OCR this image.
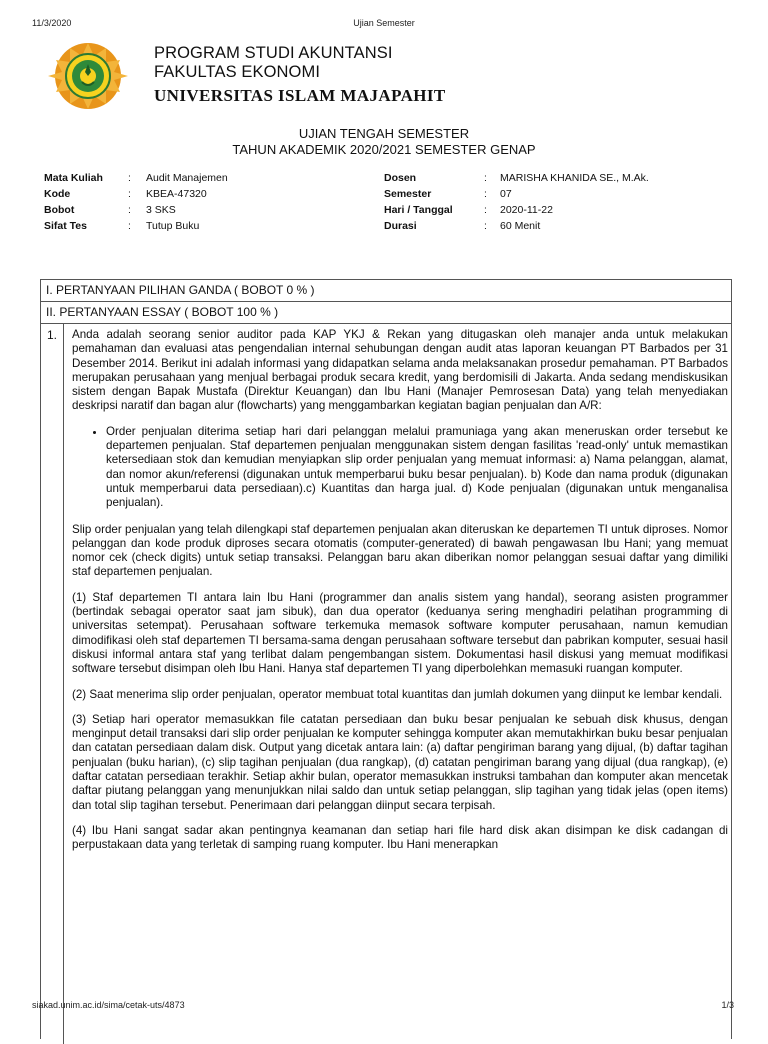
11/3/2020	Ujian Semester
PROGRAM STUDI AKUNTANSI
FAKULTAS EKONOMI
UNIVERSITAS ISLAM MAJAPAHIT
UJIAN TENGAH SEMESTER
TAHUN AKADEMIK 2020/2021 SEMESTER GENAP
Mata Kuliah : Audit Manajemen	Dosen	: MARISHA KHANIDA SE., M.Ak.
Kode	: KBEA-47320	Semester	: 07
Bobot	: 3 SKS	Hari / Tanggal	: 2020-11-22
Sifat Tes	: Tutup Buku	Durasi	: 60 Menit
I. PERTANYAAN PILIHAN GANDA ( BOBOT 0 % )
II. PERTANYAAN ESSAY ( BOBOT 100 % )
1.	Anda adalah seorang senior auditor pada KAP YKJ & Rekan yang ditugaskan oleh manajer anda untuk melakukan pemahaman dan evaluasi atas pengendalian internal sehubungan dengan audit atas laporan keuangan PT Barbados per 31 Desember 2014. Berikut ini adalah informasi yang didapatkan selama anda melaksanakan prosedur pemahaman. PT Barbados merupakan perusahaan yang menjual berbagai produk secara kredit, yang berdomisili di Jakarta. Anda sedang mendiskusikan sistem dengan Bapak Mustafa (Direktur Keuangan) dan Ibu Hani (Manajer Pemrosesan Data) yang telah menyediakan deskripsi naratif dan bagan alur (flowcharts) yang menggambarkan kegiatan bagian penjualan dan A/R:

• Order penjualan diterima setiap hari dari pelanggan melalui pramuniaga yang akan meneruskan order tersebut ke departemen penjualan. Staf departemen penjualan menggunakan sistem dengan fasilitas 'read-only' untuk memastikan ketersediaan stok dan kemudian menyiapkan slip order penjualan yang memuat informasi: a) Nama pelanggan, alamat, dan nomor akun/referensi (digunakan untuk memperbarui buku besar penjualan). b) Kode dan nama produk (digunakan untuk memperbarui data persediaan).c) Kuantitas dan harga jual. d) Kode penjualan (digunakan untuk menganalisa penjualan).

Slip order penjualan yang telah dilengkapi staf departemen penjualan akan diteruskan ke departemen TI untuk diproses. Nomor pelanggan dan kode produk diproses secara otomatis (computer-generated) di bawah pengawasan Ibu Hani; yang memuat nomor cek (check digits) untuk setiap transaksi. Pelanggan baru akan diberikan nomor pelanggan sesuai daftar yang dimiliki staf departemen penjualan.

(1) Staf departemen TI antara lain Ibu Hani (programmer dan analis sistem yang handal), seorang asisten programmer (bertindak sebagai operator saat jam sibuk), dan dua operator (keduanya sering menghadiri pelatihan programming di universitas setempat). Perusahaan software terkemuka memasok software komputer perusahaan, namun kemudian dimodifikasi oleh staf departemen TI bersama-sama dengan perusahaan software tersebut dan pabrikan komputer, sesuai hasil diskusi informal antara staf yang terlibat dalam pengembangan sistem. Dokumentasi hasil diskusi yang memuat modifikasi software tersebut disimpan oleh Ibu Hani. Hanya staf departemen TI yang diperbolehkan memasuki ruangan komputer.

(2) Saat menerima slip order penjualan, operator membuat total kuantitas dan jumlah dokumen yang diinput ke lembar kendali.

(3) Setiap hari operator memasukkan file catatan persediaan dan buku besar penjualan ke sebuah disk khusus, dengan menginput detail transaksi dari slip order penjualan ke komputer sehingga komputer akan memutakhirkan buku besar penjualan dan catatan persediaan dalam disk. Output yang dicetak antara lain: (a) daftar pengiriman barang yang dijual, (b) daftar tagihan penjualan (buku harian), (c) slip tagihan penjualan (dua rangkap), (d) catatan pengiriman barang yang dijual (dua rangkap), (e) daftar catatan persediaan terakhir. Setiap akhir bulan, operator memasukkan instruksi tambahan dan komputer akan mencetak daftar piutang pelanggan yang menunjukkan nilai saldo dan untuk setiap pelanggan, slip tagihan yang tidak jelas (open items) dan total slip tagihan tersebut. Penerimaan dari pelanggan diinput secara terpisah.

(4) Ibu Hani sangat sadar akan pentingnya keamanan dan setiap hari file hard disk akan disimpan ke disk cadangan di perpustakaan data yang terletak di samping ruang komputer. Ibu Hani menerapkan

siakad.unim.ac.id/sima/cetak-uts/4873	1/3
